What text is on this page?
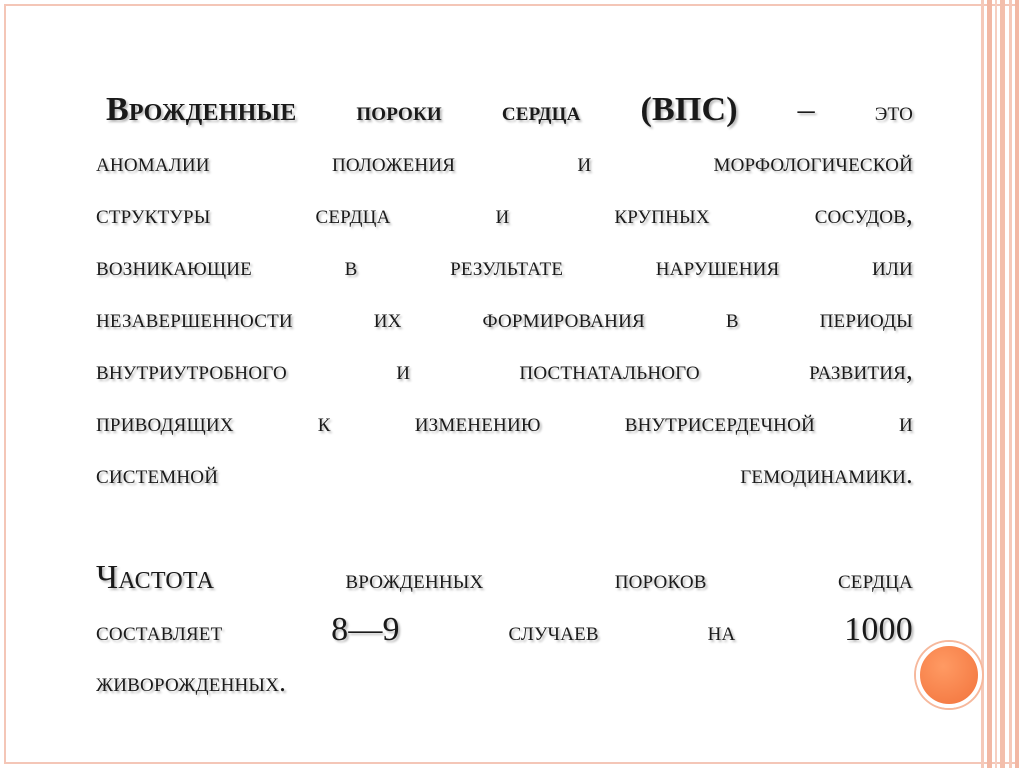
Врожденные пороки сердца (ВПС) – это
аномалии	положения	и	морфологической
структуры	сердца	и	крупных	сосудов,
возникающие	в	результате	нарушения	или
незавершенности	их	формирования	в	периоды
внутриутробного	и	постнатального	развития,
приводящих	к	изменению	внутрисердечной	и
системной	гемодинамики.
Частота	врожденных	пороков	сердца
составляет	8—9	случаев	на	1000
живорожденных.
